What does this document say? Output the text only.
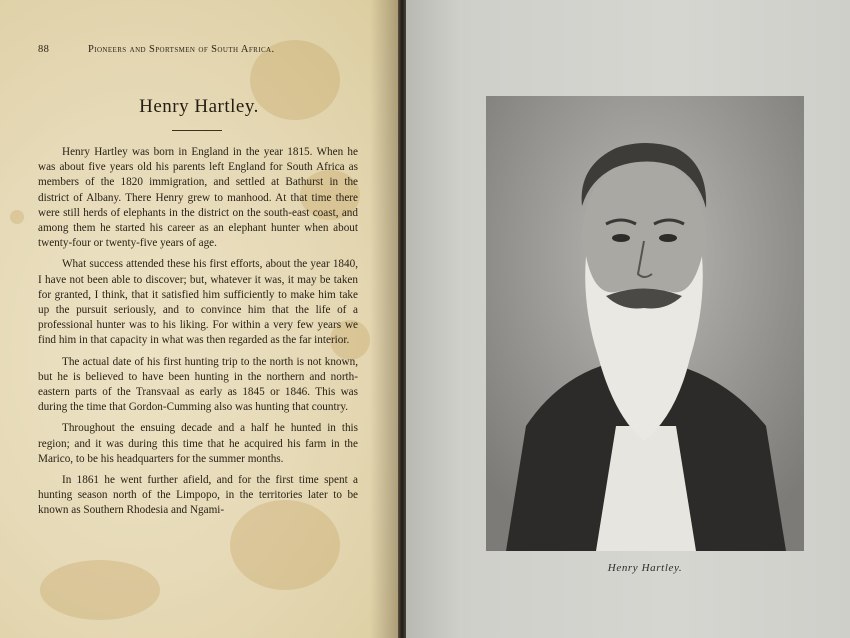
88	Pioneers and Sportsmen of South Africa.
Henry Hartley.

Henry Hartley was born in England in the year 1815. When he was about five years old his parents left England for South Africa as members of the 1820 immigration, and settled at Bathurst in the district of Albany. There Henry grew to manhood. At that time there were still herds of elephants in the district on the south-east coast, and among them he started his career as an elephant hunter when about twenty-four or twenty-five years of age.

What success attended these his first efforts, about the year 1840, I have not been able to discover; but, whatever it was, it may be taken for granted, I think, that it satisfied him sufficiently to make him take up the pursuit seriously, and to convince him that the life of a professional hunter was to his liking. For within a very few years we find him in that capacity in what was then regarded as the far interior.

The actual date of his first hunting trip to the north is not known, but he is believed to have been hunting in the northern and north-eastern parts of the Transvaal as early as 1845 or 1846. This was during the time that Gordon-Cumming also was hunting that country.

Throughout the ensuing decade and a half he hunted in this region; and it was during this time that he acquired his farm in the Marico, to be his headquarters for the summer months.

In 1861 he went further afield, and for the first time spent a hunting season north of the Limpopo, in the territories later to be known as Southern Rhodesia and Ngami-

Henry Hartley.
